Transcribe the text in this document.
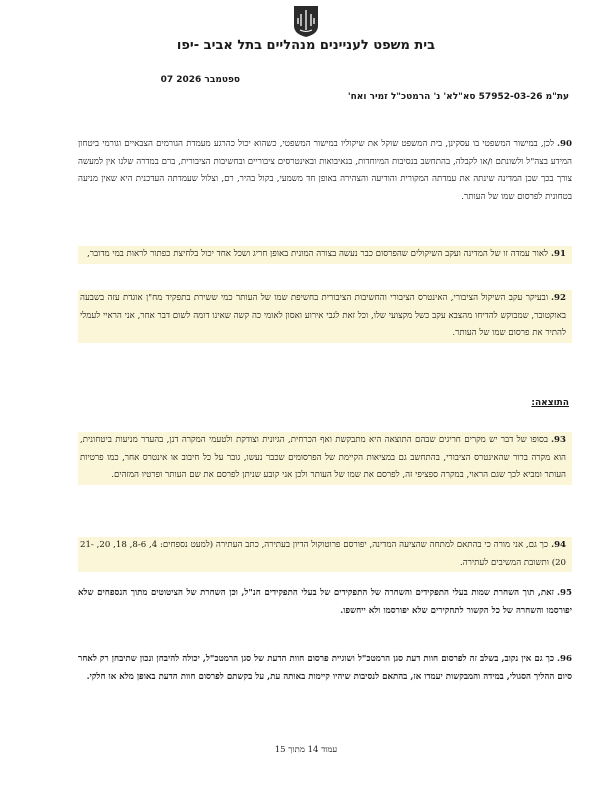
בית משפט לעניינים מנהליים בתל אביב -יפו
07 ספטמבר 2026
עת"מ 57952-03-26 סא"לא' נ' הרמטכ"ל זמיר ואח'
90.לכן, במישור המשפטי בו עסקינן, בית המשפט שוקל את שיקוליו במישור המשפטי, כשהוא יכול כהרגע מעמדת הגורמים הצבאיים וגורמי ביטחון המידע בצה"ל ולשונתם ו/או לקבלה, בהתחשב בנסיבות המיוחדות, בנאיבואות ובאינטרסים ציבוריים ובחשיבות הציבורית, ברם במדרה שלנו אין למעשה צורך בכך שכן המדינה שינתה את עמדתה המקורית והודיעה והצהירה באופן חד משמעי, בקול בהיר, רם, וצלול שעמדתה העדכנית היא שאין מניעה בטחונית לפרסום שמו של העותר.
91.לאור עמדה זו של המדינה ועקב השיקולים שהפרסום כבר נעשה בצורה המונית באופן חריג ושכל אחד יכול בלחיצת כפתור לראות במי מדובר,
92.ובעיקר עקב השיקול הציבורי, האינטרס הציבורי והחשיבות הציבורית בחשיפת שמו של העותר כמי ששירת בתפקיד מח"ן אוגדת עזה בשבעה באוקטובר, שמבוקש להדיחו מהצבא עקב כשל מקצועי שלו, וכל זאת לגבי אירוע ואסון לאומי כה קשה שאינו דומה לשום דבר אחר, אני הראיי לעמלי להתיר את פרסום שמו של העותר.
התוצאה:
93.בסופו של דבר יש מקרים חריגים שבהם התוצאה היא מתבקשת ואף הכרחית, הגיונית וצודקת ולטעמי המקרה דנן, בהעדר מניעות ביטחונית, הוא מקרה ברור שהאינטרס הציבורי, בהתחשב גם במציאות הקיימת של הפרסומים שכבר נעשו, גובר על כל חיבוב או אינטרס אחר, כמו פרטיות העותר ומביא לכך שגם הראוי, במקרה ספציפי זה, לפרסם את שמו של העותר ולכן אני קובע שניתן לפרסם את שם העותר ופרטיו המזהים.
94.כך גם, אני מורה כי בהתאם למתחה שהציעה המדינה, יפורסם פרוטוקול הדיון בעתירה, כתב העתירה (למעט נספחים: 4, 8-6, 18, 20, 21-20) ותשובת המשיבים לעתירה.
95.זאת, תוך השחרת שמות בעלי התפקידים והשחרה של התפקידים של בעלי התפקידים חנ"ל, וכן השחרת של הציטוטים מתוך הנספחים שלא יפורסמו והשחרה של כל הקשור לתחקירים שלא יפורסמו ולא ייחשפו.
96.כך גם אין נקוב, בשלב זה לפרסום חוות דעת סגן הרמטכ"ל ושוגיית פרסום חוות הדעת של סגן הרמטכ"ל, יכולה להיבחן ונכון שתיבחן רק לאחר סיום ההליך הסגולי, במידה והמבקשות יעמדו אז, בהתאם לנסיבות שיהיו קיימות באותה עת, על בקשתם לפרסום חוות הדעת באופן מלא או חלקי.
עמוד 14 מתוך 15
